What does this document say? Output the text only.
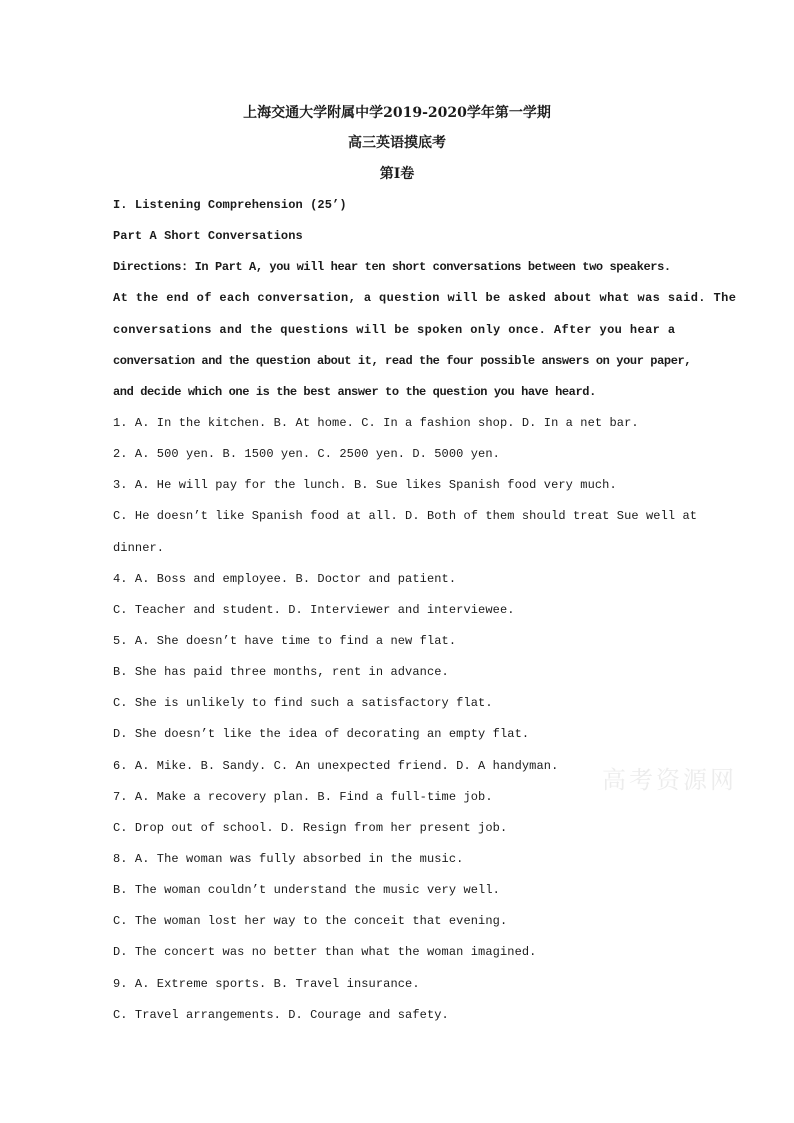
上海交通大学附属中学2019-2020学年第一学期
高三英语摸底考
第I卷
I. Listening Comprehension (25’)
Part A Short Conversations
Directions: In Part A, you will hear ten short conversations between two speakers.
At the end of each conversation, a question will be asked about what was said. The
conversations and the questions will be spoken only once. After you hear a
conversation and the question about it, read the four possible answers on your paper,
and decide which one is the best answer to the question you have heard.
1. A. In the kitchen. B. At home. C. In a fashion shop. D. In a net bar.
2. A. 500 yen. B. 1500 yen. C. 2500 yen. D. 5000 yen.
3. A. He will pay for the lunch. B. Sue likes Spanish food very much.
C. He doesn’t like Spanish food at all. D. Both of them should treat Sue well at
dinner.
4. A. Boss and employee. B. Doctor and patient.
C. Teacher and student. D. Interviewer and interviewee.
5. A. She doesn’t have time to find a new flat.
B. She has paid three months, rent in advance.
C. She is unlikely to find such a satisfactory flat.
D. She doesn’t like the idea of decorating an empty flat.
6. A. Mike. B. Sandy. C. An unexpected friend. D. A handyman.
7. A. Make a recovery plan. B. Find a full-time job.
C. Drop out of school. D. Resign from her present job.
8. A. The woman was fully absorbed in the music.
B. The woman couldn’t understand the music very well.
C. The woman lost her way to the conceit that evening.
D. The concert was no better than what the woman imagined.
9. A. Extreme sports. B. Travel insurance.
C. Travel arrangements. D. Courage and safety.
高考资源网
